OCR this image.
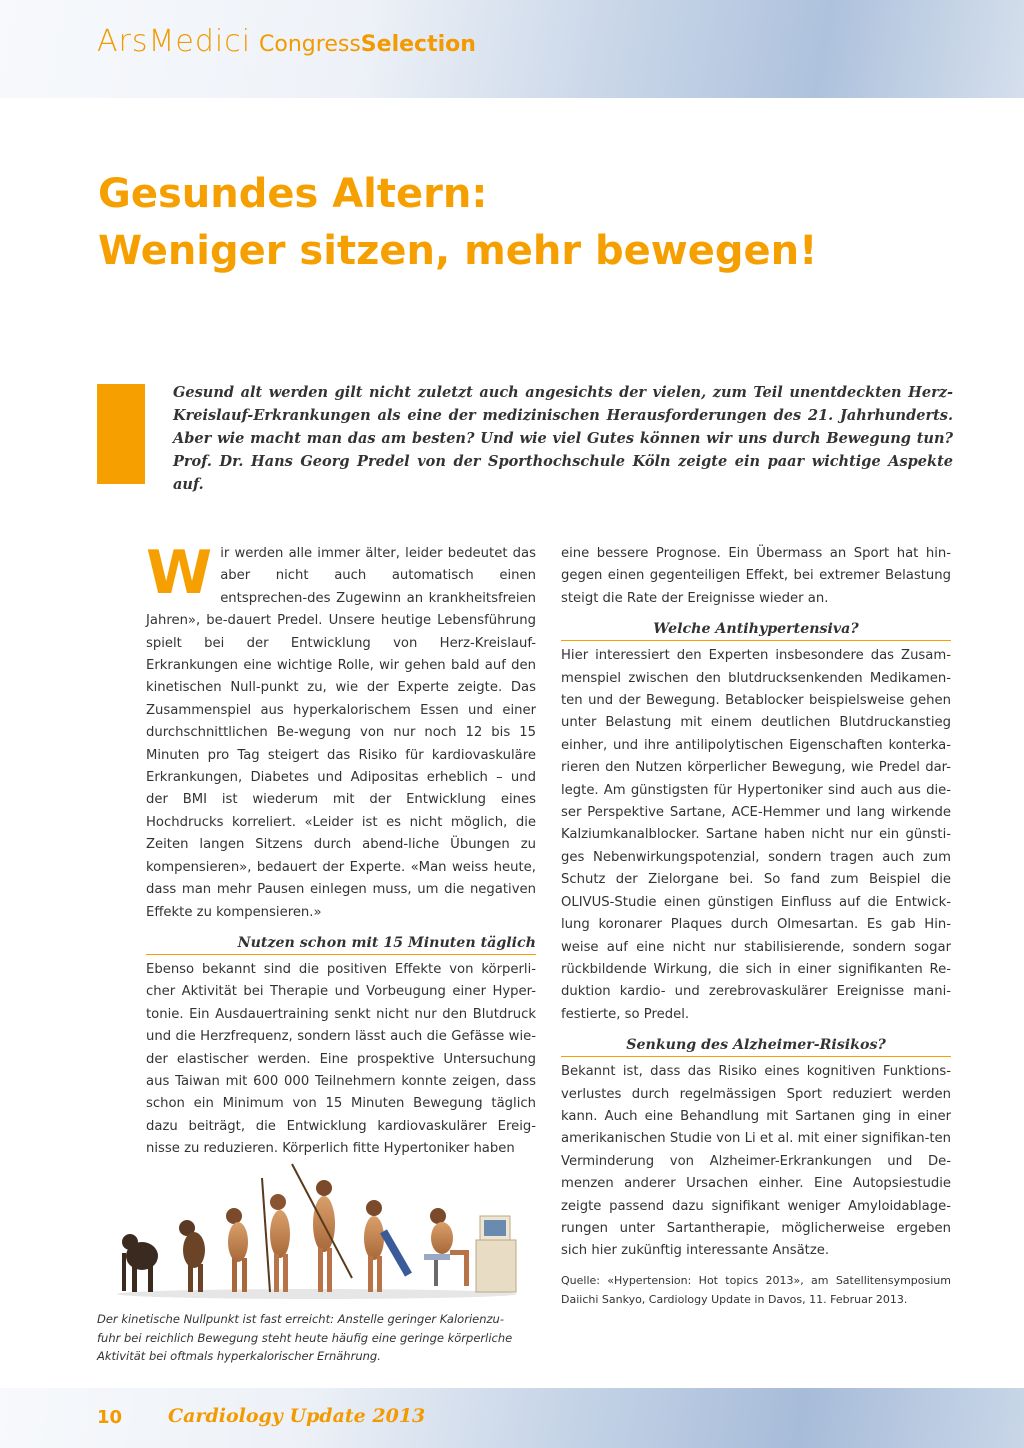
ArsMedici Congress Selection
Gesundes Altern:
Weniger sitzen, mehr bewegen!

Gesund alt werden gilt nicht zuletzt auch angesichts der vielen, zum Teil unentdeckten Herz-Kreislauf-Erkrankungen als eine der medizinischen Herausforderungen des 21. Jahrhunderts. Aber wie macht man das am besten? Und wie viel Gutes können wir uns durch Bewegung tun? Prof. Dr. Hans Georg Predel von der Sporthochschule Köln zeigte ein paar wichtige Aspekte auf.

Wir werden alle immer älter, leider bedeutet das aber nicht auch automatisch einen entsprechen-des Zugewinn an krankheitsfreien Jahren», be-dauert Predel. Unsere heutige Lebensführung spielt bei der Entwicklung von Herz-Kreislauf-Erkrankungen eine wichtige Rolle, wir gehen bald auf den kinetischen Null-punkt zu, wie der Experte zeigte. Das Zusammenspiel aus hyperkalorischem Essen und einer durchschnittlichen Be-wegung von nur noch 12 bis 15 Minuten pro Tag steigert das Risiko für kardiovaskuläre Erkrankungen, Diabetes und Adipositas erheblich – und der BMI ist wiederum mit der Entwicklung eines Hochdrucks korreliert. «Leider ist es nicht möglich, die Zeiten langen Sitzens durch abend-liche Übungen zu kompensieren», bedauert der Experte. «Man weiss heute, dass man mehr Pausen einlegen muss, um die negativen Effekte zu kompensieren.»

Nutzen schon mit 15 Minuten täglich

Ebenso bekannt sind die positiven Effekte von körperli-cher Aktivität bei Therapie und Vorbeugung einer Hyper-tonie. Ein Ausdauertraining senkt nicht nur den Blutdruck und die Herzfrequenz, sondern lässt auch die Gefässe wie-der elastischer werden. Eine prospektive Untersuchung aus Taiwan mit 600 000 Teilnehmern konnte zeigen, dass schon ein Minimum von 15 Minuten Bewegung täglich dazu beiträgt, die Entwicklung kardiovaskulärer Ereig-nisse zu reduzieren. Körperlich fitte Hypertoniker haben

eine bessere Prognose. Ein Übermass an Sport hat hin-gegen einen gegenteiligen Effekt, bei extremer Belastung steigt die Rate der Ereignisse wieder an.

Welche Antihypertensiva?

Hier interessiert den Experten insbesondere das Zusam-menspiel zwischen den blutdrucksenkenden Medikamen-ten und der Bewegung. Betablocker beispielsweise gehen unter Belastung mit einem deutlichen Blutdruckanstieg einher, und ihre antilipolytischen Eigenschaften konterka-rieren den Nutzen körperlicher Bewegung, wie Predel dar-legte. Am günstigsten für Hypertoniker sind auch aus die-ser Perspektive Sartane, ACE-Hemmer und lang wirkende Kalziumkanalblocker. Sartane haben nicht nur ein günsti-ges Nebenwirkungspotenzial, sondern tragen auch zum Schutz der Zielorgane bei. So fand zum Beispiel die OLIVUS-Studie einen günstigen Einfluss auf die Entwick-lung koronarer Plaques durch Olmesartan. Es gab Hin-weise auf eine nicht nur stabilisierende, sondern sogar rückbildende Wirkung, die sich in einer signifikanten Re-duktion kardio- und zerebrovaskulärer Ereignisse mani-festierte, so Predel.

Senkung des Alzheimer-Risikos?

Bekannt ist, dass das Risiko eines kognitiven Funktions-verlustes durch regelmässigen Sport reduziert werden kann. Auch eine Behandlung mit Sartanen ging in einer amerikanischen Studie von Li et al. mit einer signifikan-ten Verminderung von Alzheimer-Erkrankungen und De-menzen anderer Ursachen einher. Eine Autopsiestudie zeigte passend dazu signifikant weniger Amyloidablage-rungen unter Sartantherapie, möglicherweise ergeben sich hier zukünftig interessante Ansätze.

Quelle: «Hypertension: Hot topics 2013», am Satellitensymposium Daiichi Sankyo, Cardiology Update in Davos, 11. Februar 2013.
Der kinetische Nullpunkt ist fast erreicht: Anstelle geringer Kalorienzu-fuhr bei reichlich Bewegung steht heute häufig eine geringe körperliche Aktivität bei oftmals hyperkalorischer Ernährung.
10 Cardiology Update 2013
